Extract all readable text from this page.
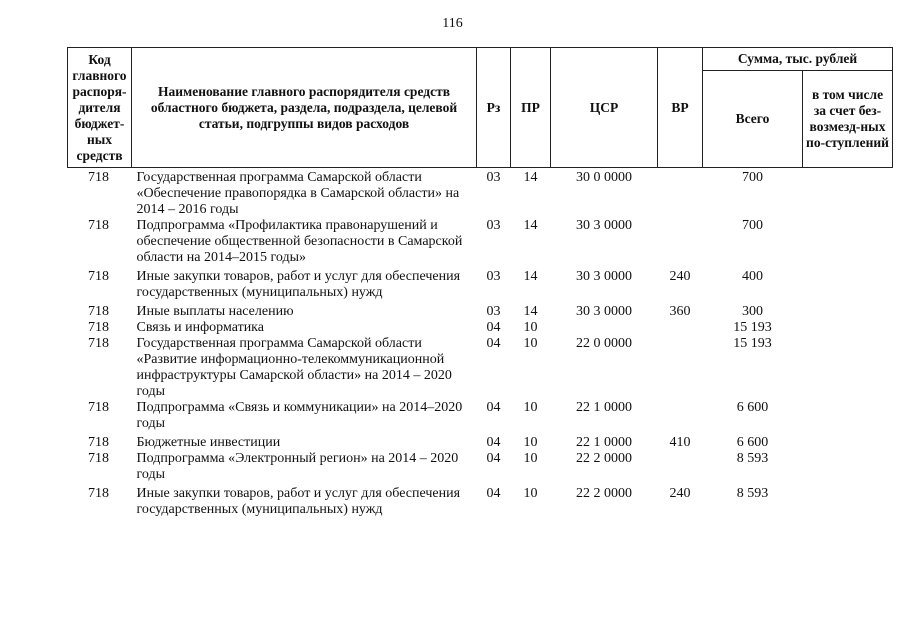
116
Код главного распоря-дителя бюджет-ных средств	Наименование главного распорядителя средств областного бюджета, раздела, подраздела, целевой статьи, подгруппы видов расходов	Рз	ПР	ЦСР	ВР	Сумма, тыс. рублей	
						Всего	в том числе за счет без-возмезд-ных по-ступлений
718	Государственная программа Самарской области «Обеспечение правопорядка в Самарской области» на 2014 – 2016 годы	03	14	30 0 0000		700	
718	Подпрограмма «Профилактика правонарушений и обеспечение общественной безопасности в Самарской области на 2014–2015 годы»	03	14	30 3 0000		700	
718	Иные закупки товаров, работ и услуг для обеспечения государственных (муниципальных) нужд	03	14	30 3 0000	240	400	
718	Иные выплаты населению	03	14	30 3 0000	360	300	
718	Связь и информатика	04	10			15 193	
718	Государственная программа Самарской области «Развитие информационно-телекоммуникационной инфраструктуры Самарской области» на 2014 – 2020 годы	04	10	22 0 0000		15 193	
718	Подпрограмма «Связь и коммуникации» на 2014–2020 годы	04	10	22 1 0000		6 600	
718	Бюджетные инвестиции	04	10	22 1 0000	410	6 600	
718	Подпрограмма «Электронный регион» на 2014 – 2020 годы	04	10	22 2 0000		8 593	
718	Иные закупки товаров, работ и услуг для обеспечения государственных (муниципальных) нужд	04	10	22 2 0000	240	8 593	
